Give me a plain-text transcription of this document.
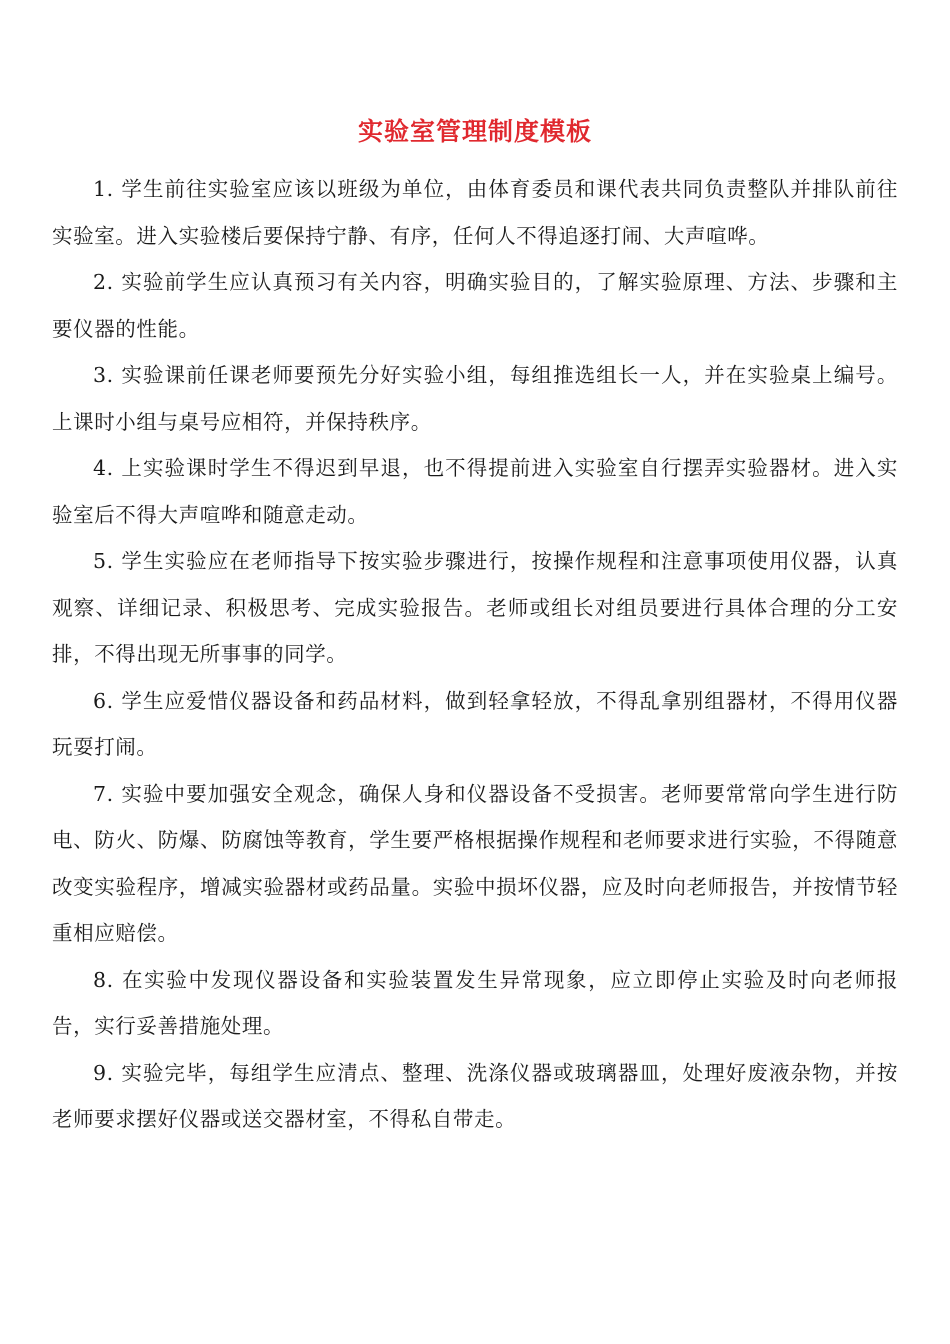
实验室管理制度模板

1. 学生前往实验室应该以班级为单位，由体育委员和课代表共同负责整队并排队前往实验室。进入实验楼后要保持宁静、有序，任何人不得追逐打闹、大声喧哗。

2. 实验前学生应认真预习有关内容，明确实验目的，了解实验原理、方法、步骤和主要仪器的性能。

3. 实验课前任课老师要预先分好实验小组，每组推选组长一人，并在实验桌上编号。上课时小组与桌号应相符，并保持秩序。

4. 上实验课时学生不得迟到早退，也不得提前进入实验室自行摆弄实验器材。进入实验室后不得大声喧哗和随意走动。

5. 学生实验应在老师指导下按实验步骤进行，按操作规程和注意事项使用仪器，认真观察、详细记录、积极思考、完成实验报告。老师或组长对组员要进行具体合理的分工安排，不得出现无所事事的同学。

6. 学生应爱惜仪器设备和药品材料，做到轻拿轻放，不得乱拿别组器材，不得用仪器玩耍打闹。

7. 实验中要加强安全观念，确保人身和仪器设备不受损害。老师要常常向学生进行防电、防火、防爆、防腐蚀等教育，学生要严格根据操作规程和老师要求进行实验，不得随意改变实验程序，增减实验器材或药品量。实验中损坏仪器，应及时向老师报告，并按情节轻重相应赔偿。

8. 在实验中发现仪器设备和实验装置发生异常现象，应立即停止实验及时向老师报告，实行妥善措施处理。

9. 实验完毕，每组学生应清点、整理、洗涤仪器或玻璃器皿，处理好废液杂物，并按老师要求摆好仪器或送交器材室，不得私自带走。
